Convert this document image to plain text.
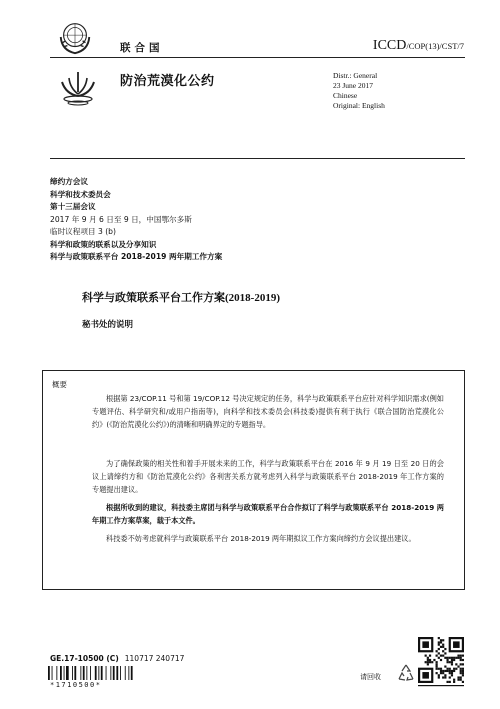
联合国	ICCD/COP(13)/CST/7
防治荒漠化公约	Distr.: General
23 June 2017
Chinese
Original: English
缔约方会议
科学和技术委员会
第十三届会议
2017 年 9 月 6 日至 9 日，中国鄂尔多斯
临时议程项目 3 (b)
科学和政策的联系以及分享知识
科学与政策联系平台 2018-2019 两年期工作方案
科学与政策联系平台工作方案(2018-2019)
秘书处的说明
概要
根据第 23/COP.11 号和第 19/COP.12 号决定规定的任务，科学与政策联系平台应针对科学知识需求(例如专题评估、科学研究和/或用户指南等)，向科学和技术委员会(科技委)提供有利于执行《联合国防治荒漠化公约》(《防治荒漠化公约》)的清晰和明确界定的专题指导。
为了确保政策的相关性和着手开展未来的工作，科学与政策联系平台在 2016 年 9 月 19 日至 20 日的会议上请缔约方和《防治荒漠化公约》各利害关系方就考虑列入科学与政策联系平台 2018-2019 年工作方案的专题提出建议。
根据所收到的建议，科技委主席团与科学与政策联系平台合作拟订了科学与政策联系平台 2018-2019 两年期工作方案草案，载于本文件。
科技委不妨考虑就科学与政策联系平台 2018-2019 两年期拟议工作方案向缔约方会议提出建议。
GE.17-10500 (C) 110717 240717
*1710500*
请回收
